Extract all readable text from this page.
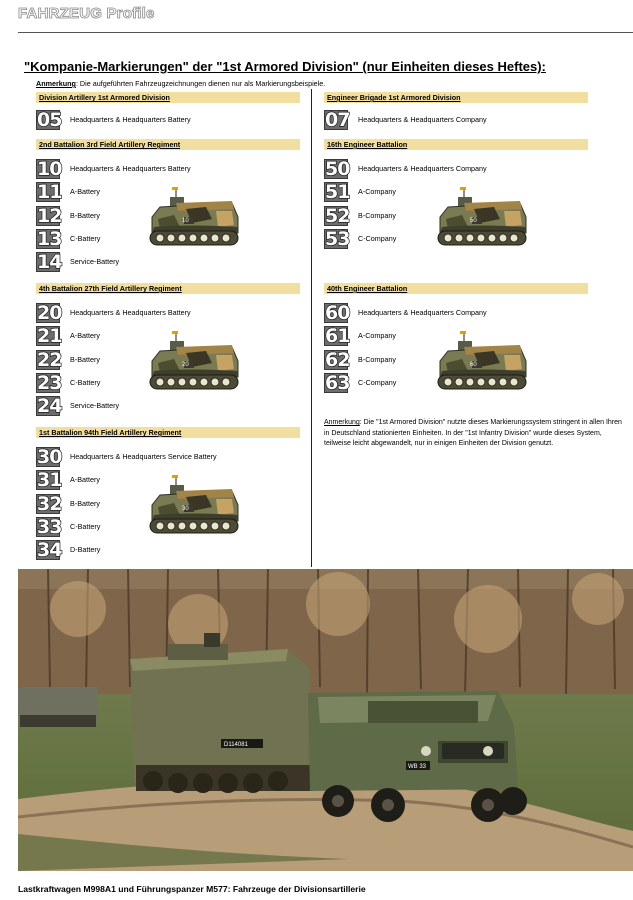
FAHRZEUG Profile
"Kompanie-Markierungen" der "1st Armored Division" (nur Einheiten dieses Heftes):
Anmerkung: Die aufgeführten Fahrzeugzeichnungen dienen nur als Markierungsbeispiele.
Division Artillery 1st Armored Division
05 Headquarters & Headquarters Battery
2nd Battalion 3rd Field Artillery Regiment
10 Headquarters & Headquarters Battery
11 A-Battery
12 B-Battery
13 C-Battery
14 Service-Battery
10
4th Battalion 27th Field Artillery Regiment
20 Headquarters & Headquarters Battery
21 A-Battery
22 B-Battery
23 C-Battery
24 Service-Battery
20
1st Battalion 94th Field Artillery Regiment
30 Headquarters & Headquarters Service Battery
31 A-Battery
32 B-Battery
33 C-Battery
34 D-Battery
30
Engineer Brigade 1st Armored Division
07 Headquarters & Headquarters Company
16th Engineer Battalion
50 Headquarters & Headquarters Company
51 A-Company
52 B-Company
53 C-Company
50
40th Engineer Battalion
60 Headquarters & Headquarters Company
61 A-Company
62 B-Company
63 C-Company
60
Anmerkung: Die "1st Armored Division" nutzte dieses Markierungssystem stringent in allen Ihren in Deutschland stationierten Einheiten. In der "1st Infantry Division" wurde dieses System, teilweise leicht abgewandelt, nur in einigen Einheiten der Division genutzt.
D114081
WB 33
Lastkraftwagen M998A1 und Führungspanzer M577: Fahrzeuge der Divisionsartillerie
